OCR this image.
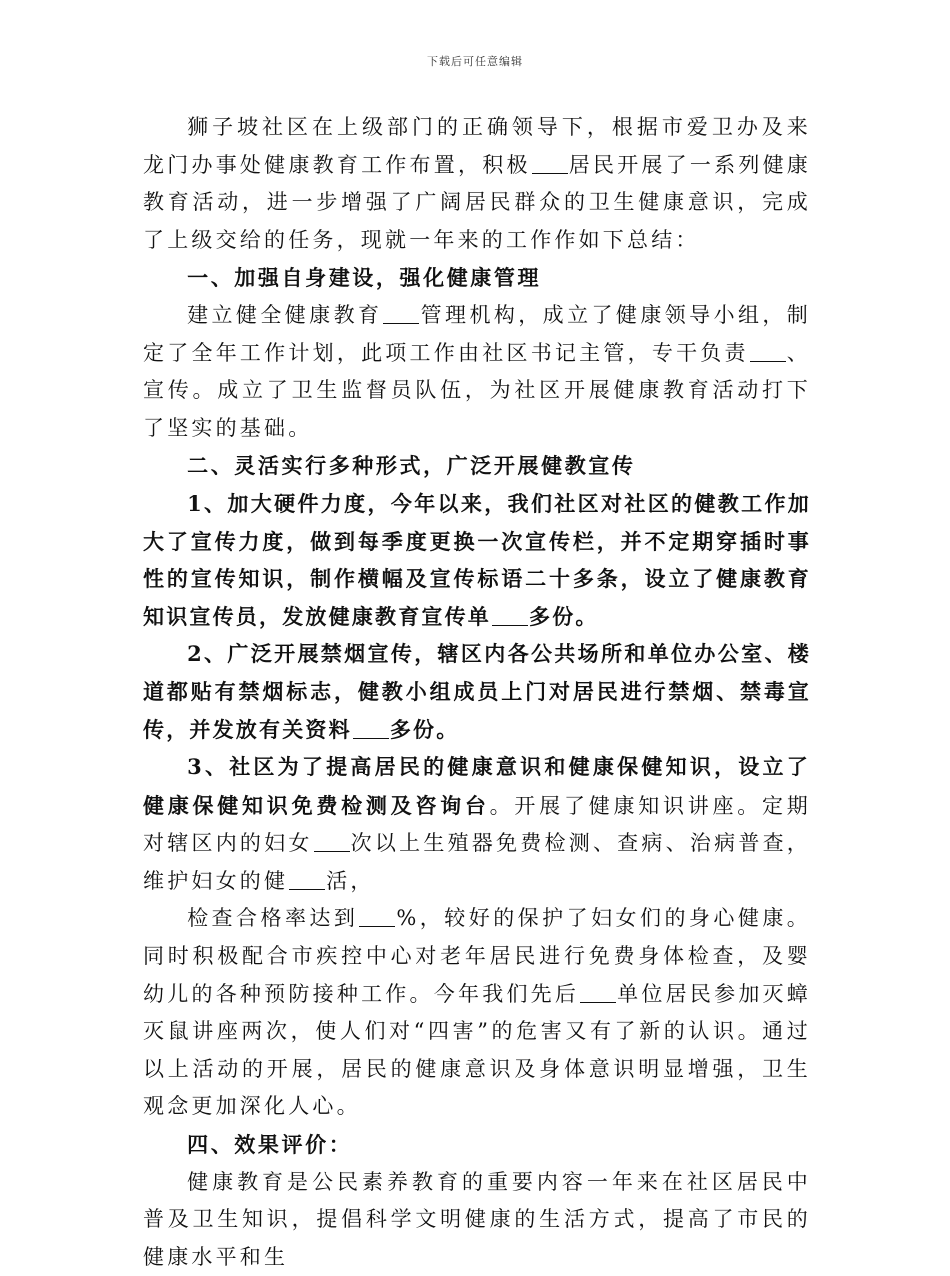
下载后可任意编辑

狮子坡社区在上级部门的正确领导下，根据市爱卫办及来龙门办事处健康教育工作布置，积极 居民开展了一系列健康教育活动，进一步增强了广阔居民群众的卫生健康意识，完成了上级交给的任务，现就一年来的工作作如下总结：

一、加强自身建设，强化健康管理

建立健全健康教育 管理机构，成立了健康领导小组，制定了全年工作计划，此项工作由社区书记主管，专干负责 、宣传。成立了卫生监督员队伍，为社区开展健康教育活动打下了坚实的基础。

二、灵活实行多种形式，广泛开展健教宣传

1、加大硬件力度，今年以来，我们社区对社区的健教工作加大了宣传力度，做到每季度更换一次宣传栏，并不定期穿插时事性的宣传知识，制作横幅及宣传标语二十多条，设立了健康教育知识宣传员，发放健康教育宣传单 多份。

2、广泛开展禁烟宣传，辖区内各公共场所和单位办公室、楼道都贴有禁烟标志，健教小组成员上门对居民进行禁烟、禁毒宣传，并发放有关资料 多份。

3、社区为了提高居民的健康意识和健康保健知识，设立了健康保健知识免费检测及咨询台。开展了健康知识讲座。定期对辖区内的妇女 次以上生殖器免费检测、查病、治病普查，维护妇女的健 活，

检查合格率达到 %，较好的保护了妇女们的身心健康。同时积极配合市疾控中心对老年居民进行免费身体检查，及婴幼儿的各种预防接种工作。今年我们先后 单位居民参加灭蟑灭鼠讲座两次，使人们对“四害”的危害又有了新的认识。通过以上活动的开展，居民的健康意识及身体意识明显增强，卫生观念更加深化人心。

四、效果评价：

健康教育是公民素养教育的重要内容一年来在社区居民中普及卫生知识，提倡科学文明健康的生活方式，提高了市民的健康水平和生
